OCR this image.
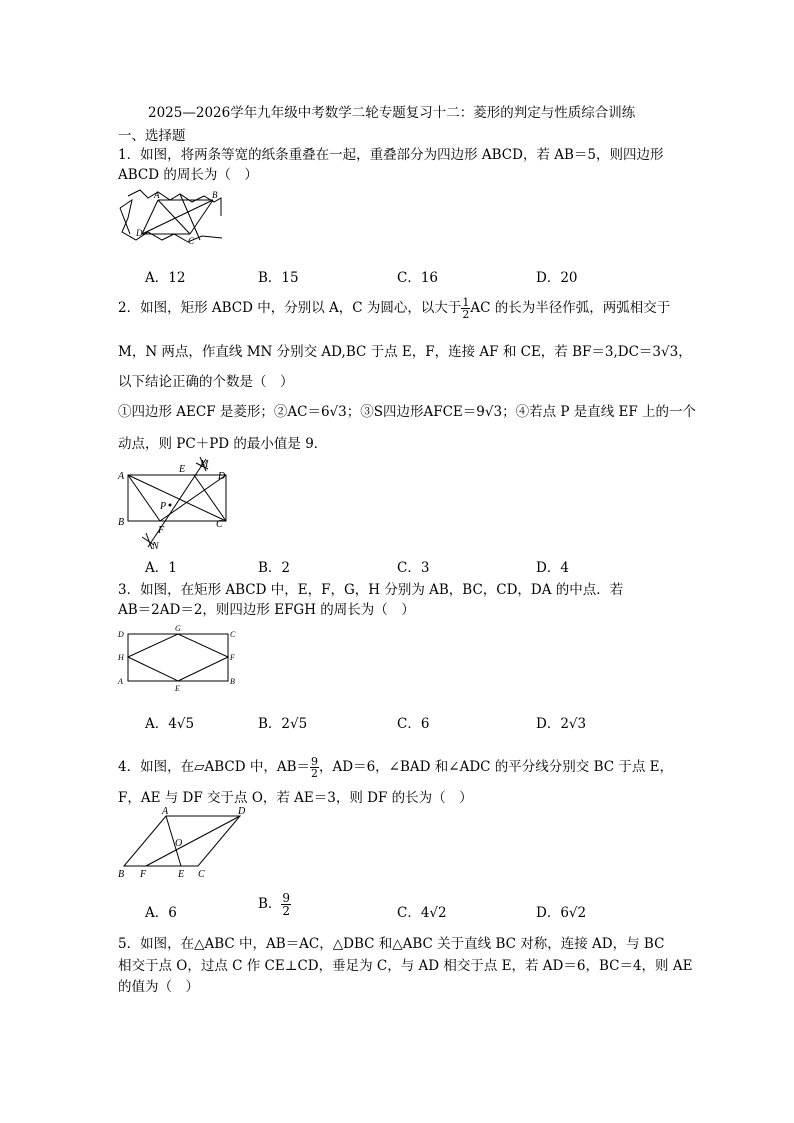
2025—2026学年九年级中考数学二轮专题复习十二：菱形的判定与性质综合训练
一、选择题
1．如图，将两条等宽的纸条重叠在一起，重叠部分为四边形 ABCD，若 AB＝5，则四边形
ABCD 的周长为（　）
A	B
D
C
A．12	B．15	C．16	D．20
2．如图，矩形 ABCD 中，分别以 A，C 为圆心，以大于 $\frac{1}{2}$ AC 的长为半径作弧，两弧相交于
M，N 两点，作直线 MN 分别交 AD,BC 于点 E，F，连接 AF 和 CE，若 BF＝3,DC＝3√3，
以下结论正确的个数是（　）
①四边形 AECF 是菱形；②AC＝6√3；③S四边形AFCE＝9√3；④若点 P 是直线 EF 上的一个
动点，则 PC＋PD 的最小值是 9．
A
B	C
D
E
F
M
N
P
A．1	B．2	C．3	D．4
3．如图，在矩形 ABCD 中，E，F，G，H 分别为 AB，BC，CD，DA 的中点．若
AB＝2AD＝2，则四边形 EFGH 的周长为（　）
D
H
A
G
E
C
F
B
A．4√5	B．2√5	C．6	D．2√3
4．如图，在▱ABCD 中，$AB= \frac{9}{2}$ ，AD＝6，∠BAD 和∠ADC 的平分线分别交 BC 于点 E，
F，AE 与 DF 交于点 O，若 AE＝3，则 DF 的长为（　）
A	D
B F	E C
O
A．6
B． $\frac{9}{2}$	C．4√2	D．6√2
5．如图，在△ABC 中，AB＝AC，△DBC 和△ABC 关于直线 BC 对称，连接 AD，与 BC
相交于点 O，过点 C 作 CE⊥CD，垂足为 C，与 AD 相交于点 E，若 AD＝6，BC＝4，则 AE
的值为（　）
